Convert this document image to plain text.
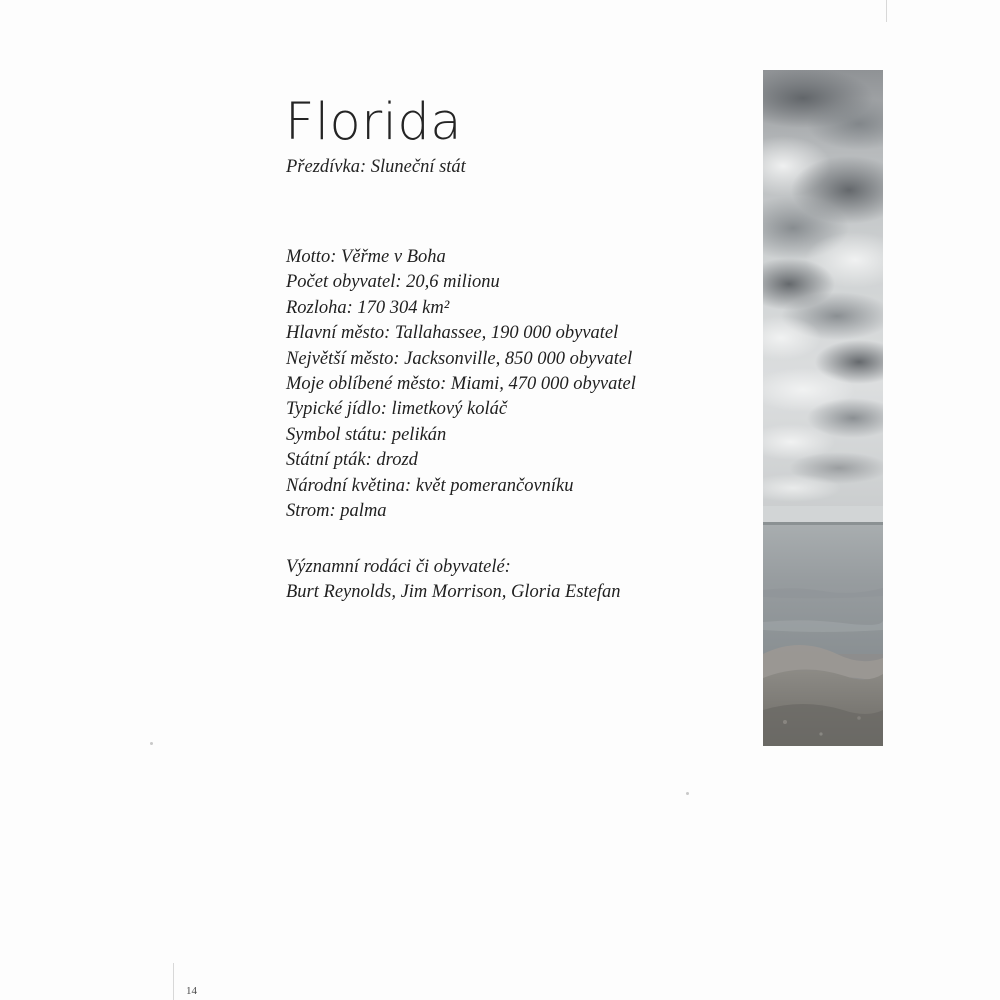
Florida
Přezdívka: Sluneční stát
Motto: Věřme v Boha
Počet obyvatel: 20,6 milionu
Rozloha: 170 304 km²
Hlavní město: Tallahassee, 190 000 obyvatel
Největší město: Jacksonville, 850 000 obyvatel
Moje oblíbené město: Miami, 470 000 obyvatel
Typické jídlo: limetkový koláč
Symbol státu: pelikán
Státní pták: drozd
Národní květina: květ pomerančovníku
Strom: palma
Významní rodáci či obyvatelé:
Burt Reynolds, Jim Morrison, Gloria Estefan
14
